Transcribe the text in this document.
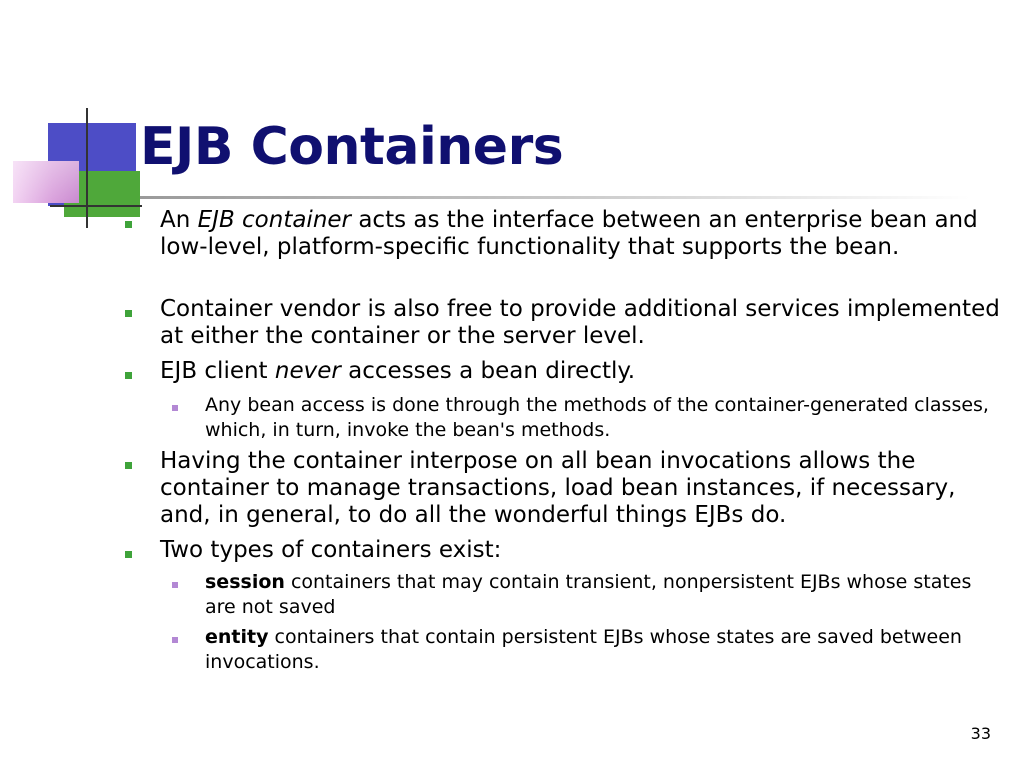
EJB Containers
An EJB container acts as the interface between an enterprise bean and low-level, platform-specific functionality that supports the bean.
Container vendor is also free to provide additional services implemented at either the container or the server level.
EJB client never accesses a bean directly.
Any bean access is done through the methods of the container-generated classes, which, in turn, invoke the bean's methods.
Having the container interpose on all bean invocations allows the container to manage transactions, load bean instances, if necessary, and, in general, to do all the wonderful things EJBs do.
Two types of containers exist:
session containers that may contain transient, nonpersistent EJBs whose states are not saved
entity containers that contain persistent EJBs whose states are saved between invocations.
33
